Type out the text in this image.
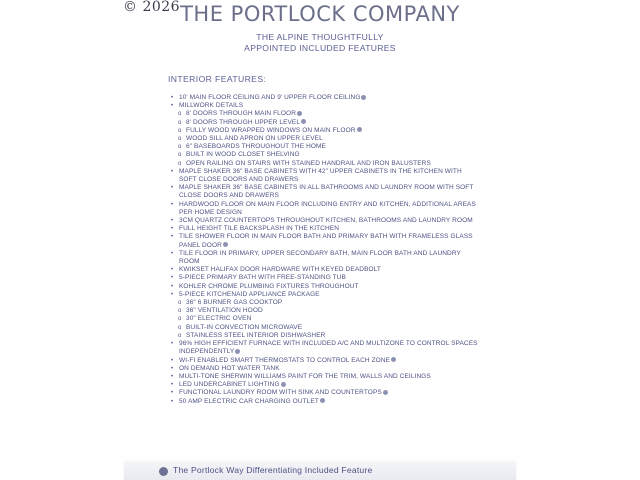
© 2026 THE PORTLOCK COMPANY
THE ALPINE THOUGHTFULLY
APPOINTED INCLUDED FEATURES
INTERIOR FEATURES:
• 10' MAIN FLOOR CEILING AND 9' UPPER FLOOR CEILING
• MILLWORK DETAILS
o 8' DOORS THROUGH MAIN FLOOR
o 8' DOORS THROUGH UPPER LEVEL
o FULLY WOOD WRAPPED WINDOWS ON MAIN FLOOR
o WOOD SILL AND APRON ON UPPER LEVEL
o 6" BASEBOARDS THROUGHOUT THE HOME
o BUILT IN WOOD CLOSET SHELVING
o OPEN RAILING ON STAIRS WITH STAINED HANDRAIL AND IRON BALUSTERS
• MAPLE SHAKER 36" BASE CABINETS WITH 42" UPPER CABINETS IN THE KITCHEN WITH SOFT CLOSE DOORS AND DRAWERS
• MAPLE SHAKER 36" BASE CABINETS IN ALL BATHROOMS AND LAUNDRY ROOM WITH SOFT CLOSE DOORS AND DRAWERS
• HARDWOOD FLOOR ON MAIN FLOOR INCLUDING ENTRY AND KITCHEN, ADDITIONAL AREAS PER HOME DESIGN
• 3CM QUARTZ COUNTERTOPS THROUGHOUT KITCHEN, BATHROOMS AND LAUNDRY ROOM
• FULL HEIGHT TILE BACKSPLASH IN THE KITCHEN
• TILE SHOWER FLOOR IN MAIN FLOOR BATH AND PRIMARY BATH WITH FRAMELESS GLASS PANEL DOOR
• TILE FLOOR IN PRIMARY, UPPER SECONDARY BATH, MAIN FLOOR BATH AND LAUNDRY ROOM
• KWIKSET HALIFAX DOOR HARDWARE WITH KEYED DEADBOLT
• 5-PIECE PRIMARY BATH WITH FREE-STANDING TUB
• KOHLER CHROME PLUMBING FIXTURES THROUGHOUT
• 5-PIECE KITCHENAID APPLIANCE PACKAGE
o 36" 6 BURNER GAS COOKTOP
o 36" VENTILATION HOOD
o 30" ELECTRIC OVEN
o BUILT-IN CONVECTION MICROWAVE
o STAINLESS STEEL INTERIOR DISHWASHER
• 96% HIGH EFFICIENT FURNACE WITH INCLUDED A/C AND MULTIZONE TO CONTROL SPACES INDEPENDENTLY
• WI-FI ENABLED SMART THERMOSTATS TO CONTROL EACH ZONE
• ON DEMAND HOT WATER TANK
• MULTI-TONE SHERWIN WILLIAMS PAINT FOR THE TRIM, WALLS AND CEILINGS
• LED UNDERCABINET LIGHTING
• FUNCTIONAL LAUNDRY ROOM WITH SINK AND COUNTERTOPS
• 50 AMP ELECTRIC CAR CHARGING OUTLET
The Portlock Way Differentiating Included Feature
